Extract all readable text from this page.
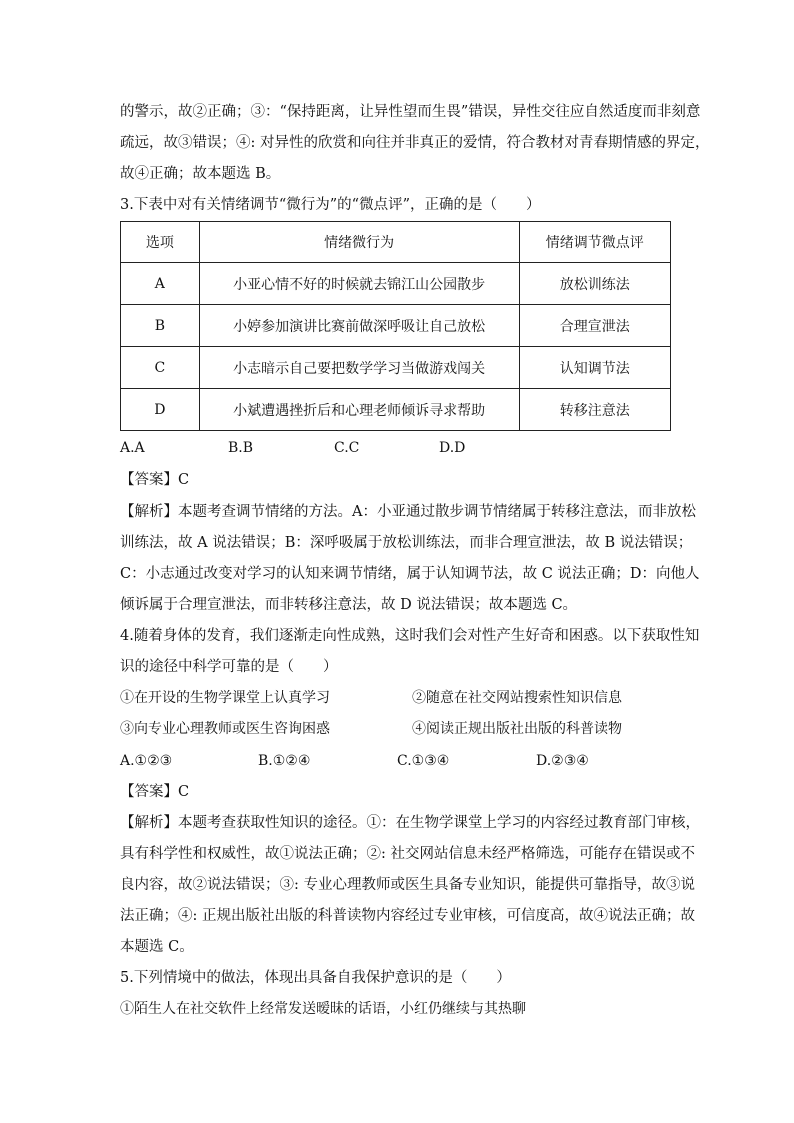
的警示，故②正确；③：“保持距离，让异性望而生畏”错误，异性交往应自然适度而非刻意
疏远，故③错误；④: 对异性的欣赏和向往并非真正的爱情，符合教材对青春期情感的界定，
故④正确；故本题选 B。
3.下表中对有关情绪调节“微行为”的“微点评”，正确的是（　　）
选项	情绪微行为	情绪调节微点评
A	小亚心情不好的时候就去锦江山公园散步	放松训练法
B	小婷参加演讲比赛前做深呼吸让自己放松	合理宣泄法
C	小志暗示自己要把数学学习当做游戏闯关	认知调节法
D	小斌遭遇挫折后和心理老师倾诉寻求帮助	转移注意法
A.A	B.B	C.C	D.D
【答案】C
【解析】本题考查调节情绪的方法。A：小亚通过散步调节情绪属于转移注意法，而非放松
训练法，故 A 说法错误；B：深呼吸属于放松训练法，而非合理宣泄法，故 B 说法错误；
C：小志通过改变对学习的认知来调节情绪，属于认知调节法，故 C 说法正确；D：向他人
倾诉属于合理宣泄法，而非转移注意法，故 D 说法错误；故本题选 C。
4.随着身体的发育，我们逐渐走向性成熟，这时我们会对性产生好奇和困惑。以下获取性知
识的途径中科学可靠的是（　　）
①在开设的生物学课堂上认真学习	②随意在社交网站搜索性知识信息
③向专业心理教师或医生咨询困惑	④阅读正规出版社出版的科普读物
A.①②③	B.①②④	C.①③④	D.②③④
【答案】C
【解析】本题考查获取性知识的途径。①：在生物学课堂上学习的内容经过教育部门审核，
具有科学性和权威性，故①说法正确；②: 社交网站信息未经严格筛选，可能存在错误或不
良内容，故②说法错误；③: 专业心理教师或医生具备专业知识，能提供可靠指导，故③说
法正确；④: 正规出版社出版的科普读物内容经过专业审核，可信度高，故④说法正确；故
本题选 C。
5.下列情境中的做法，体现出具备自我保护意识的是（　　）
①陌生人在社交软件上经常发送暧昧的话语，小红仍继续与其热聊
